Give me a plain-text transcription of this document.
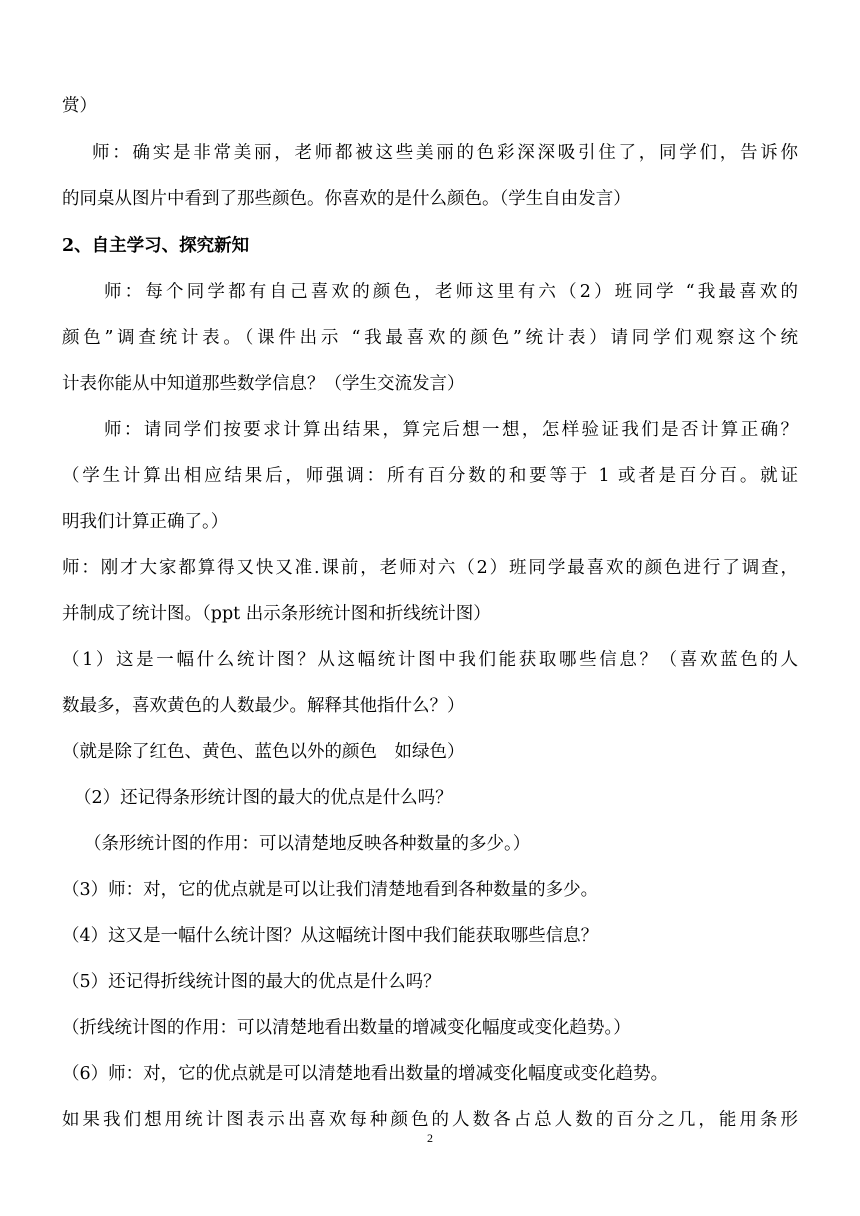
赏）
师：确实是非常美丽，老师都被这些美丽的色彩深深吸引住了，同学们，告诉你
的同桌从图片中看到了那些颜色。你喜欢的是什么颜色。（学生自由发言）
2、自主学习、探究新知
师：每个同学都有自己喜欢的颜色，老师这里有六（2）班同学 “我最喜欢的
颜色”调查统计表。（课件出示 “我最喜欢的颜色”统计表）请同学们观察这个统
计表你能从中知道那些数学信息？（学生交流发言）
师：请同学们按要求计算出结果，算完后想一想，怎样验证我们是否计算正确？
（学生计算出相应结果后，师强调：所有百分数的和要等于 1 或者是百分百。就证
明我们计算正确了。）
师：刚才大家都算得又快又准.课前，老师对六（2）班同学最喜欢的颜色进行了调查，
并制成了统计图。（ppt 出示条形统计图和折线统计图）
（1）这是一幅什么统计图？从这幅统计图中我们能获取哪些信息？（喜欢蓝色的人
数最多，喜欢黄色的人数最少。解释其他指什么？）
（就是除了红色、黄色、蓝色以外的颜色　如绿色）
（2）还记得条形统计图的最大的优点是什么吗？
（条形统计图的作用：可以清楚地反映各种数量的多少。）
（3）师：对，它的优点就是可以让我们清楚地看到各种数量的多少。
（4）这又是一幅什么统计图？从这幅统计图中我们能获取哪些信息？
（5）还记得折线统计图的最大的优点是什么吗？
（折线统计图的作用：可以清楚地看出数量的增减变化幅度或变化趋势。）
（6）师：对，它的优点就是可以清楚地看出数量的增减变化幅度或变化趋势。
如果我们想用统计图表示出喜欢每种颜色的人数各占总人数的百分之几，能用条形
2
